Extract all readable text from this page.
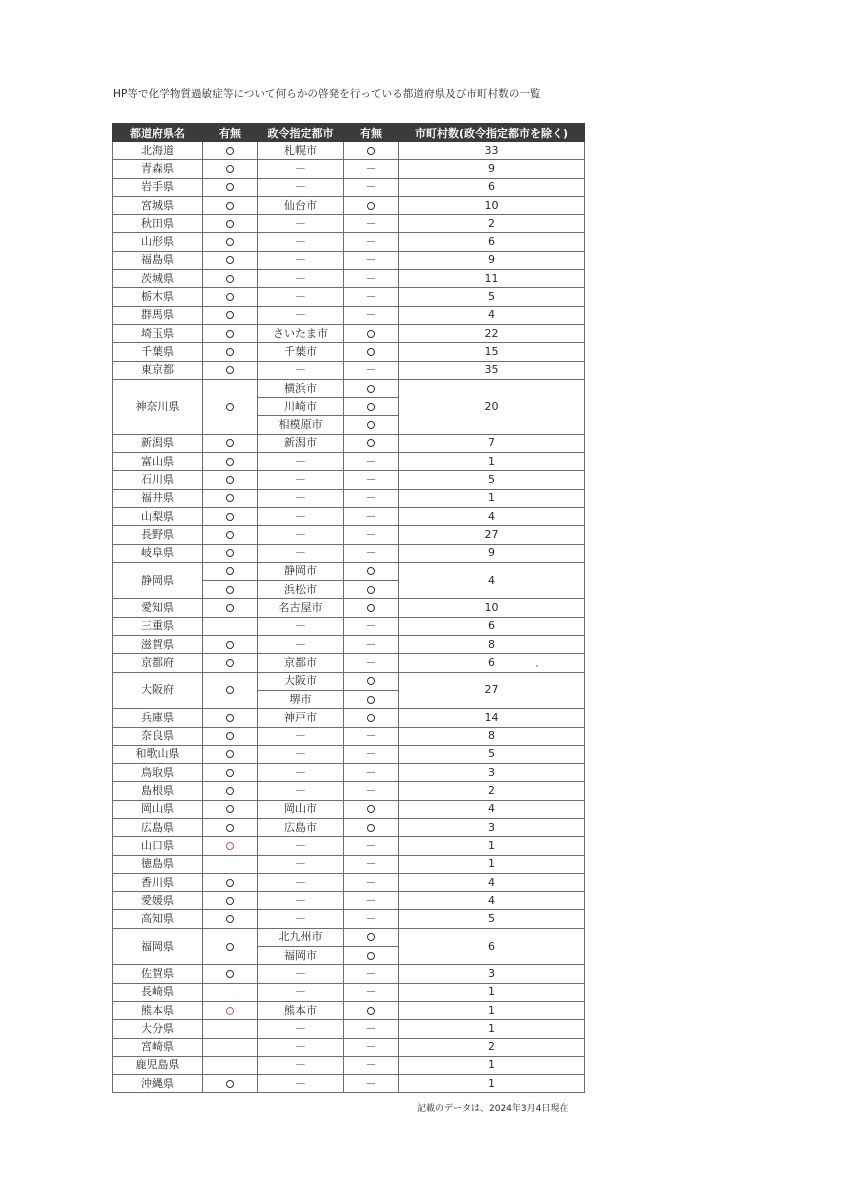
HP等で化学物質過敏症等について何らかの啓発を行っている都道府県及び市町村数の一覧
都道府県名	有無	政令指定都市	有無	市町村数(政令指定都市を除く)
北海道		札幌市		33
青森県		－	－	9
岩手県		－	－	6
宮城県		仙台市		10
秋田県		－	－	2
山形県		－	－	6
福島県		－	－	9
茨城県		－	－	11
栃木県		－	－	5
群馬県		－	－	4
埼玉県		さいたま市		22
千葉県		千葉市		15
東京都		－	－	35
神奈川県		横浜市		20
		川崎市		
		相模原市		
新潟県		新潟市		7
富山県		－	－	1
石川県		－	－	5
福井県		－	－	1
山梨県		－	－	4
長野県		－	－	27
岐阜県		－	－	9
静岡県		静岡市		4
		浜松市		
愛知県		名古屋市		10
三重県		－	－	6
滋賀県		－	－	8
京都府		京都市	－	6
大阪府		大阪市		27
		堺市		
兵庫県		神戸市		14
奈良県		－	－	8
和歌山県		－	－	5
鳥取県		－	－	3
島根県		－	－	2
岡山県		岡山市		4
広島県		広島市		3
山口県		－	－	1
徳島県		－	－	1
香川県		－	－	4
愛媛県		－	－	4
高知県		－	－	5
福岡県		北九州市		6
		福岡市		
佐賀県		－	－	3
長崎県		－	－	1
熊本県		熊本市		1
大分県		－	－	1
宮崎県		－	－	2
鹿児島県		－	－	1
沖縄県		－	－	1
記載のデータは、2024年3月4日現在
